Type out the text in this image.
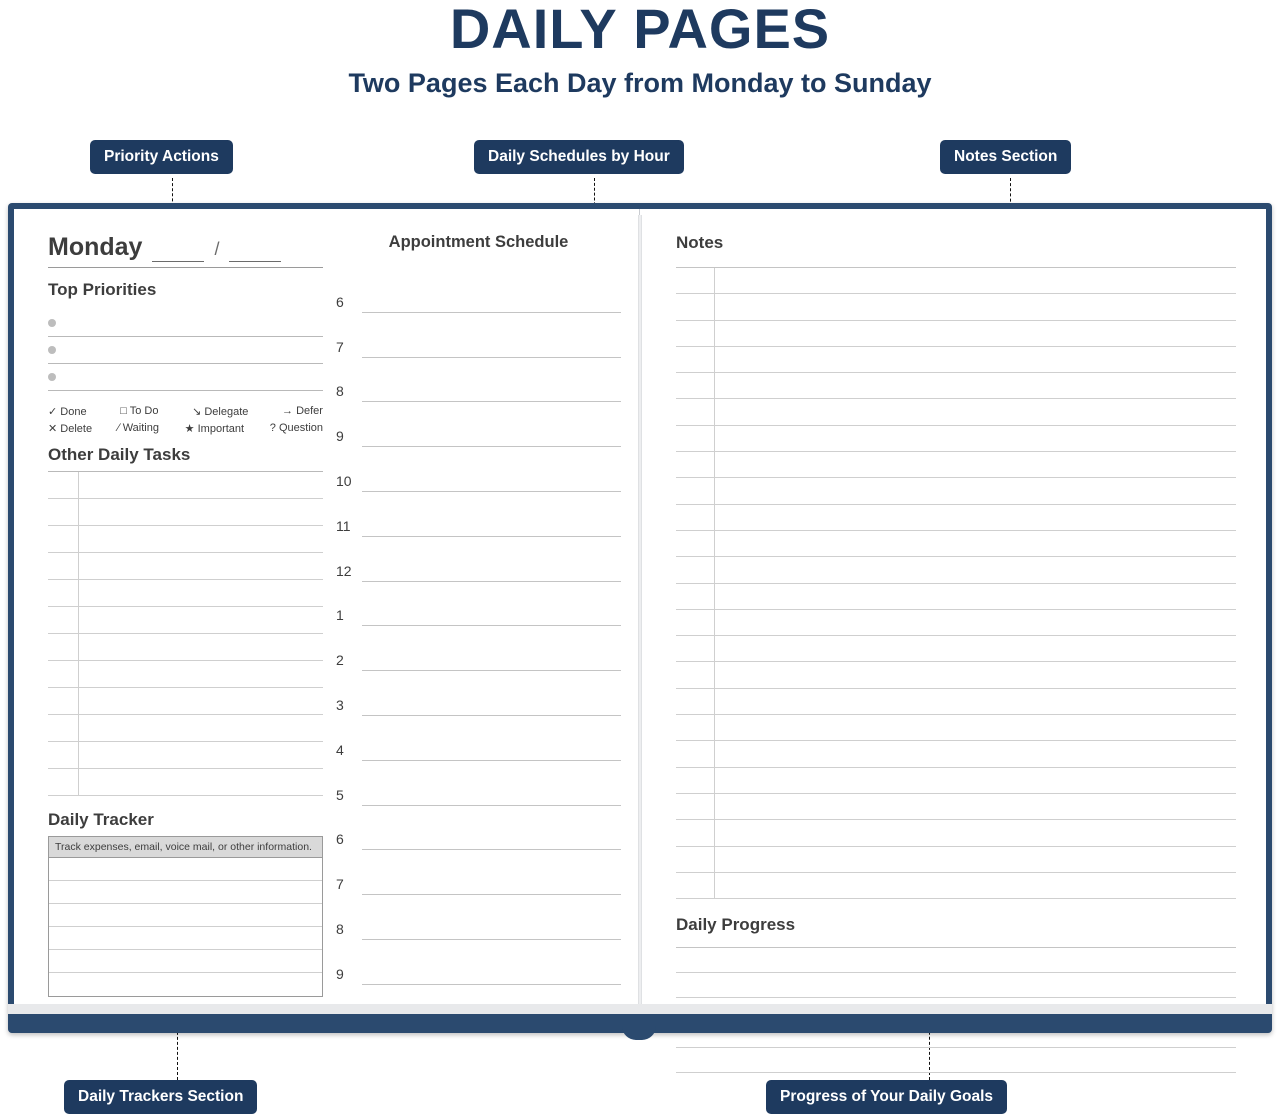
DAILY PAGES
Two Pages Each Day from Monday to Sunday
Priority Actions	Daily Schedules by Hour	Notes Section
Daily Trackers Section	Progress of Your Daily Goals
Monday	/
Top Priorities
✓ Done	□ To Do	↘ Delegate	→ Defer
✕ Delete ∕ Waiting ★ Important ? Question
Other Daily Tasks
Daily Tracker
Track expenses, email, voice mail, or other information.
Appointment Schedule
6
7
8
9
10
11
12
1
2
3
4
5
6
7
8
9
Notes
Daily Progress
